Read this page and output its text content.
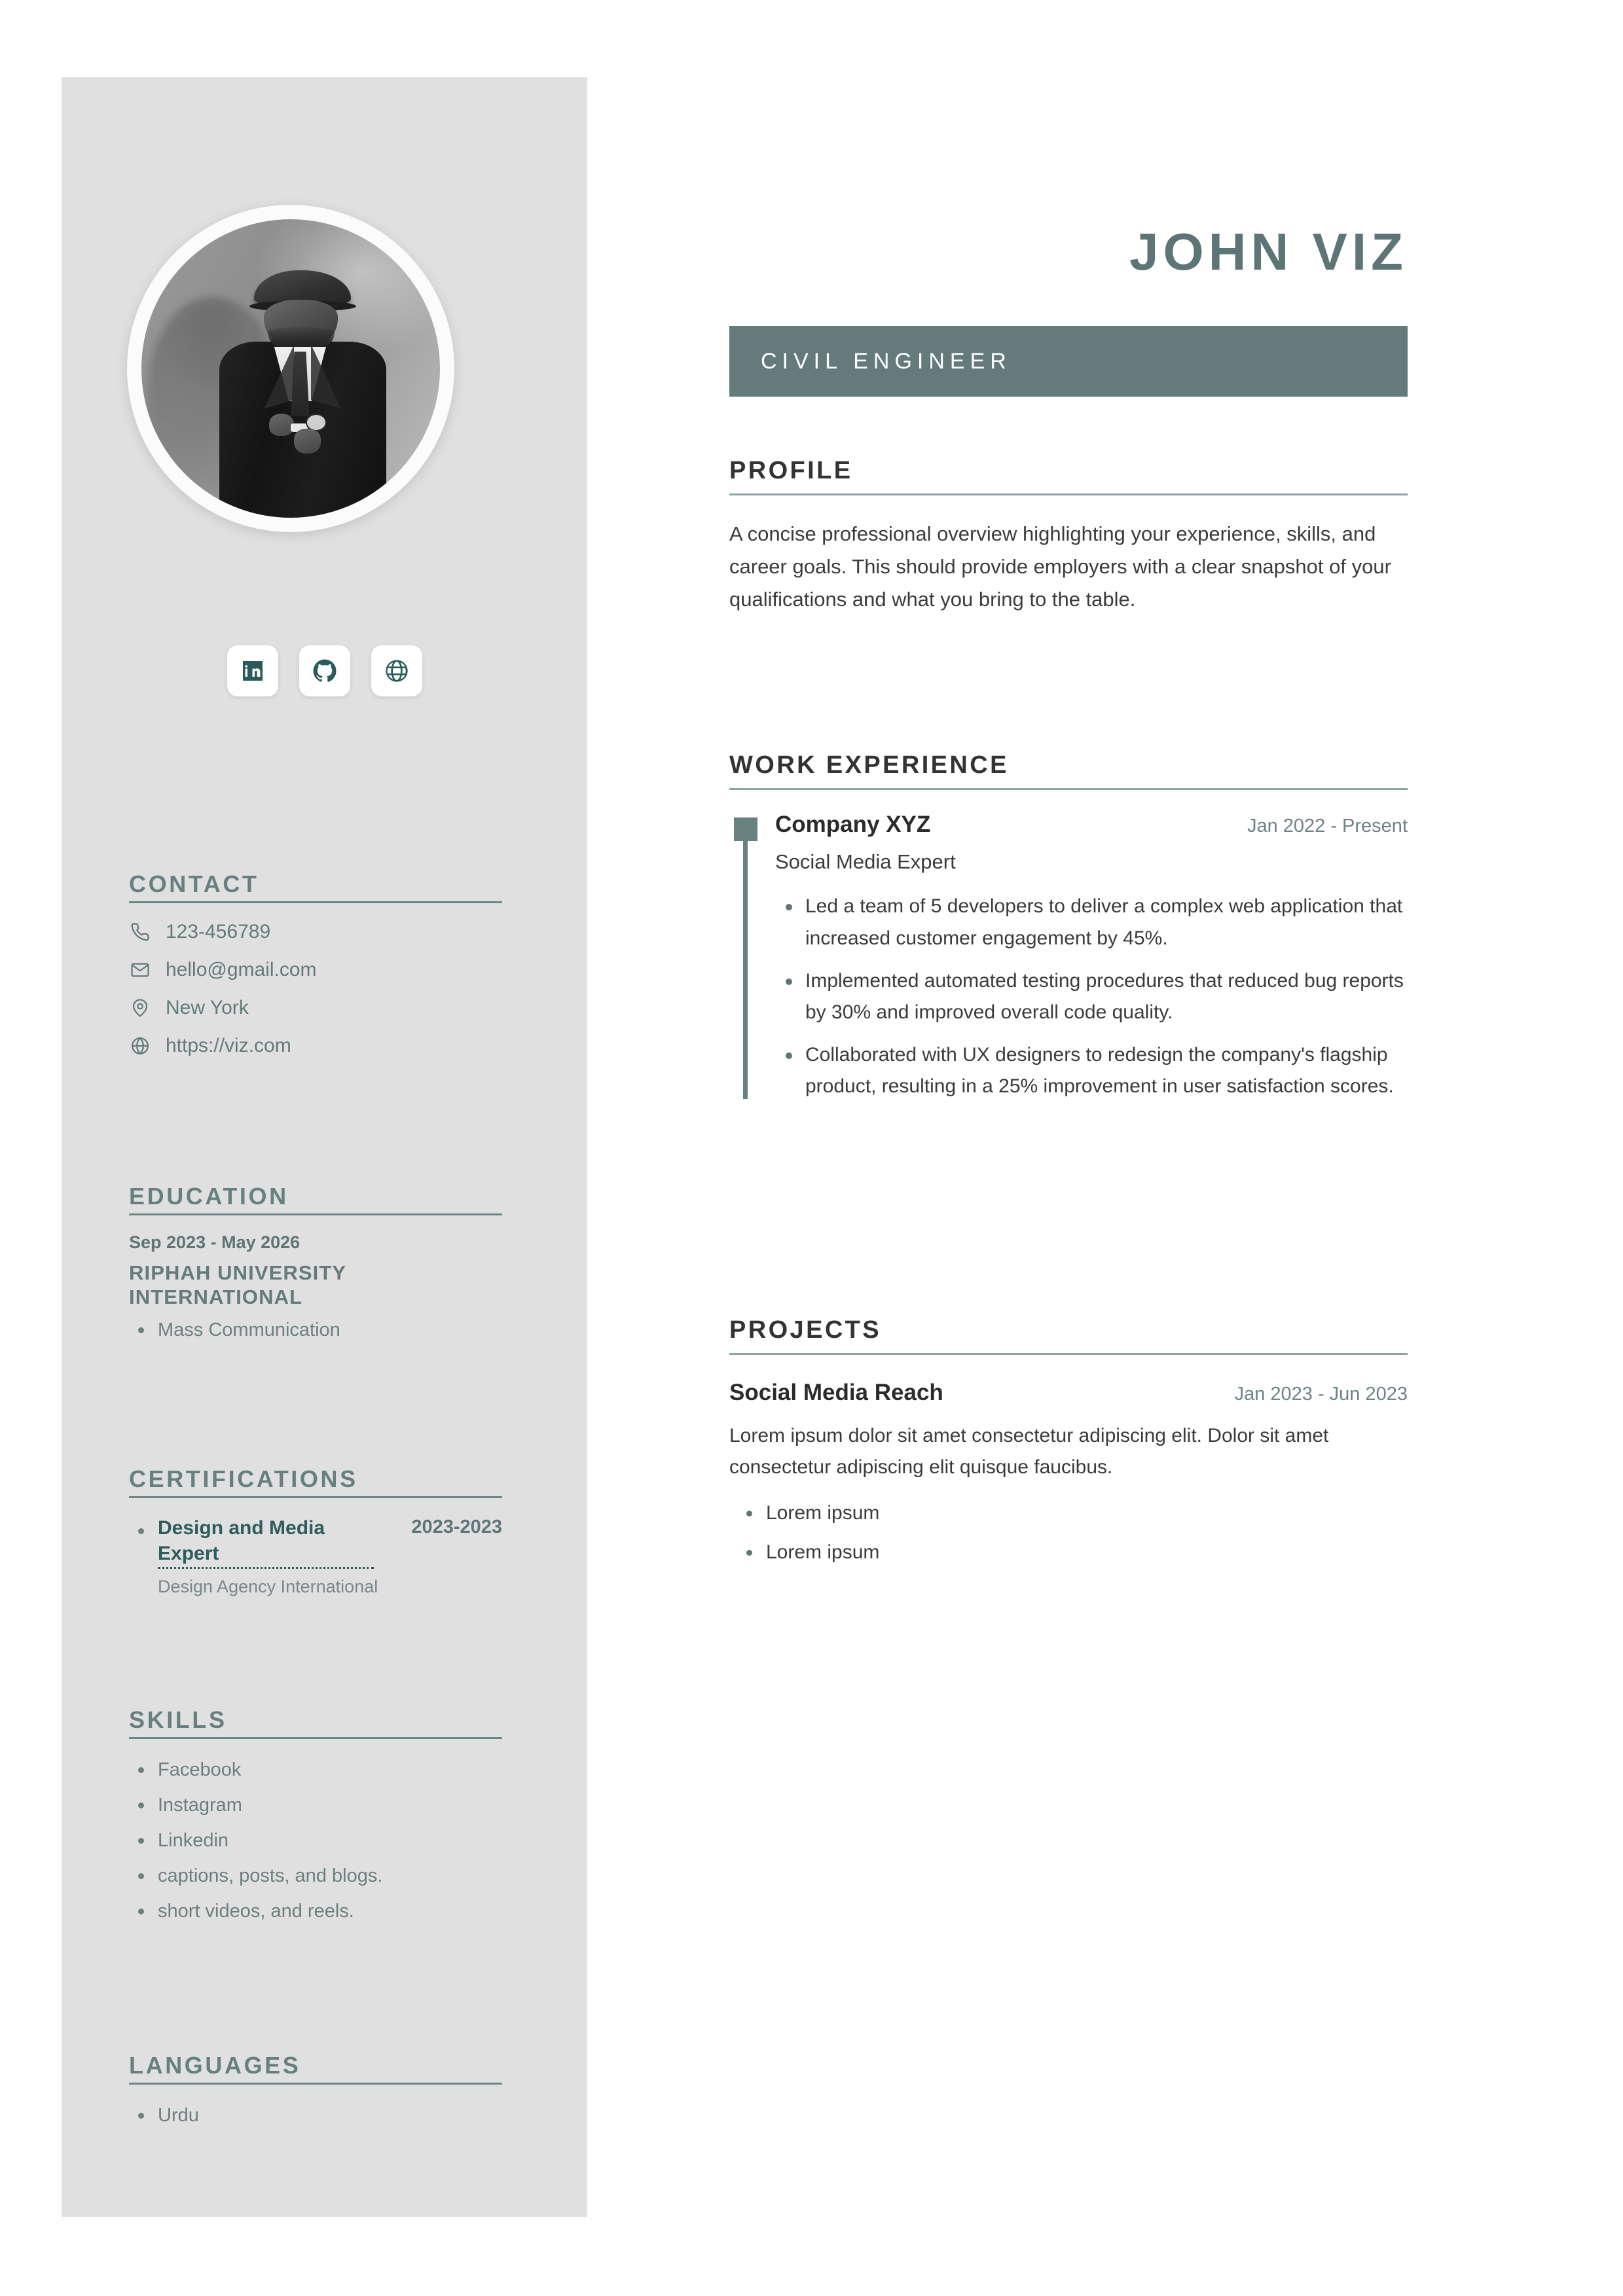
CONTACT
123-456789
hello@gmail.com
New York
https://viz.com
EDUCATION
Sep 2023 - May 2026
RIPHAH UNIVERSITY INTERNATIONAL
Mass Communication
CERTIFICATIONS
Design and Media Expert
2023-2023
Design Agency International
SKILLS
Facebook
Instagram
Linkedin
captions, posts, and blogs.
short videos, and reels.
LANGUAGES
Urdu
JOHN VIZ
CIVIL ENGINEER
PROFILE
A concise professional overview highlighting your experience, skills, and career goals. This should provide employers with a clear snapshot of your qualifications and what you bring to the table.
WORK EXPERIENCE
Company XYZ	Jan 2022 - Present
Social Media Expert
Led a team of 5 developers to deliver a complex web application that increased customer engagement by 45%.
Implemented automated testing procedures that reduced bug reports by 30% and improved overall code quality.
Collaborated with UX designers to redesign the company's flagship product, resulting in a 25% improvement in user satisfaction scores.
PROJECTS
Social Media Reach	Jan 2023 - Jun 2023
Lorem ipsum dolor sit amet consectetur adipiscing elit. Dolor sit amet consectetur adipiscing elit quisque faucibus.
Lorem ipsum
Lorem ipsum
